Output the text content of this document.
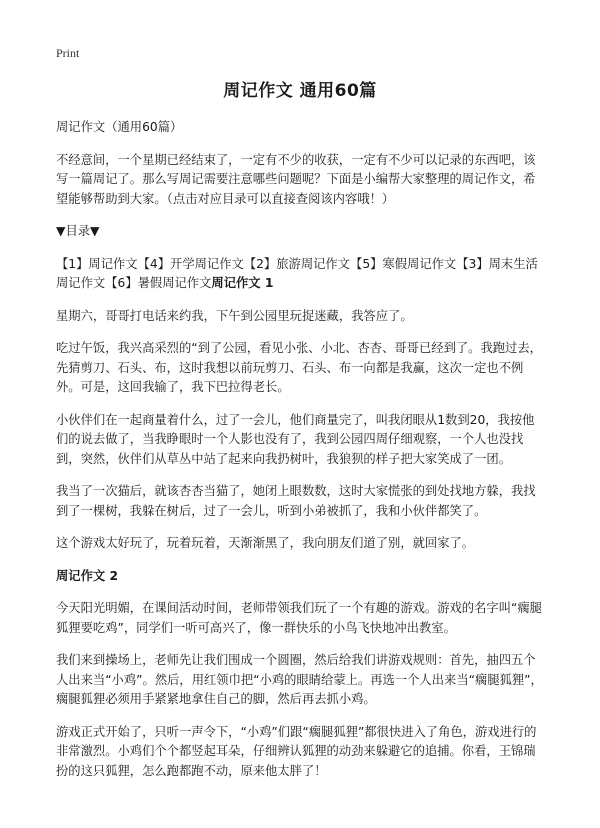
Print
周记作文 通用60篇

周记作文（通用60篇）

不经意间，一个星期已经结束了，一定有不少的收获，一定有不少可以记录的东西吧，该写一篇周记了。那么写周记需要注意哪些问题呢？下面是小编帮大家整理的周记作文，希望能够帮助到大家。（点击对应目录可以直接查阅该内容哦！）

▼目录▼

【1】周记作文【4】开学周记作文【2】旅游周记作文【5】寒假周记作文【3】周末生活周记作文【6】暑假周记作文周记作文 1

星期六，哥哥打电话来约我，下午到公园里玩捉迷藏，我答应了。

吃过午饭，我兴高采烈的“到了公园，看见小张、小北、杏杏、哥哥已经到了。我跑过去，先猜剪刀、石头、布，这时我想以前玩剪刀、石头、布一向都是我赢，这次一定也不例外。可是，这回我输了，我下巴拉得老长。

小伙伴们在一起商量着什么，过了一会儿，他们商量完了，叫我闭眼从1数到20，我按他们的说去做了，当我睁眼时一个人影也没有了，我到公园四周仔细观察，一个人也没找到，突然，伙伴们从草丛中站了起来向我扔树叶，我狼狈的样子把大家笑成了一团。

我当了一次猫后，就该杏杏当猫了，她闭上眼数数，这时大家慌张的到处找地方躲，我找到了一棵树，我躲在树后，过了一会儿，听到小弟被抓了，我和小伙伴都笑了。

这个游戏太好玩了，玩着玩着，天渐渐黑了，我向朋友们道了别，就回家了。

周记作文 2

今天阳光明媚，在课间活动时间，老师带领我们玩了一个有趣的游戏。游戏的名字叫“瘸腿狐狸要吃鸡”，同学们一听可高兴了，像一群快乐的小鸟飞快地冲出教室。

我们来到操场上，老师先让我们围成一个圆圈，然后给我们讲游戏规则：首先，抽四五个人出来当“小鸡”。然后，用红领巾把“小鸡的眼睛给蒙上。再选一个人出来当“瘸腿狐狸”，瘸腿狐狸必须用手紧紧地拿住自己的脚，然后再去抓小鸡。

游戏正式开始了，只听一声令下，“小鸡”们跟“瘸腿狐狸”都很快进入了角色，游戏进行的非常激烈。小鸡们个个都竖起耳朵，仔细辨认狐狸的动劲来躲避它的追捕。你看，王锦瑞扮的这只狐狸，怎么跑都跑不动，原来他太胖了！
